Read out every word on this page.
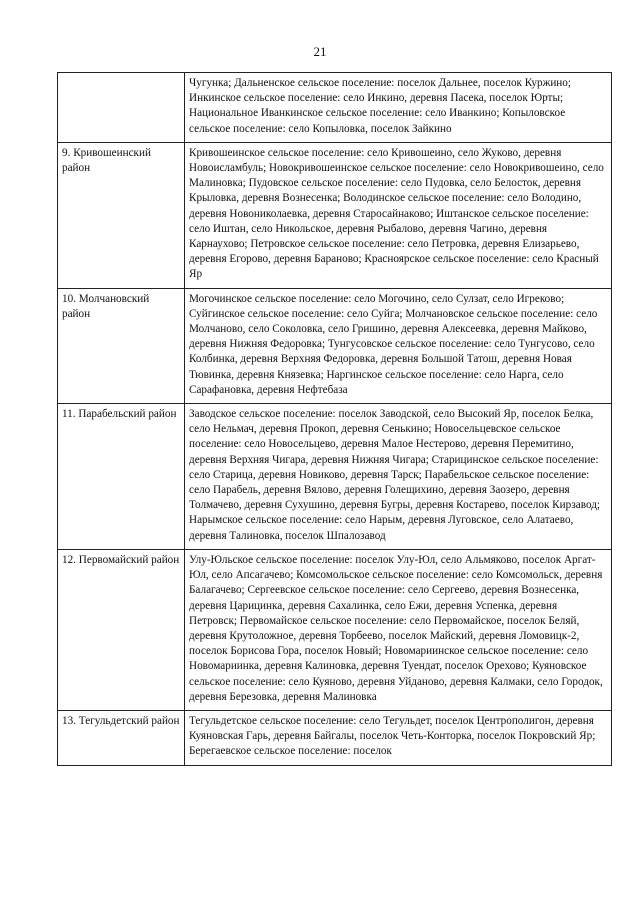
21
	Чугунка; Дальненское сельское поселение: поселок Дальнее, поселок Куржино; Инкинское сельское поселение: село Инкино, деревня Пасека, поселок Юрты; Национальное Иванкинское сельское поселение: село Иванкино; Копыловское сельское поселение: село Копыловка, поселок Зайкино
9. Кривошеинский район	Кривошеинское сельское поселение: село Кривошеино, село Жуково, деревня Новоисламбуль; Новокривошеинское сельское поселение: село Новокривошеино, село Малиновка; Пудовское сельское поселение: село Пудовка, село Белосток, деревня Крыловка, деревня Вознесенка; Володинское сельское поселение: село Володино, деревня Новониколаевка, деревня Старосайнаково; Иштанское сельское поселение: село Иштан, село Никольское, деревня Рыбалово, деревня Чагино, деревня Карнаухово; Петровское сельское поселение: село Петровка, деревня Елизарьево, деревня Егорово, деревня Бараново; Красноярское сельское поселение: село Красный Яр
10. Молчановский район	Могочинское сельское поселение: село Могочино, село Сулзат, село Игреково; Суйгинское сельское поселение: село Суйга; Молчановское сельское поселение: село Молчаново, село Соколовка, село Гришино, деревня Алексеевка, деревня Майково, деревня Нижняя Федоровка; Тунгусовское сельское поселение: село Тунгусово, село Колбинка, деревня Верхняя Федоровка, деревня Большой Татош, деревня Новая Тювинка, деревня Князевка; Наргинское сельское поселение: село Нарга, село Сарафановка, деревня Нефтебаза
11. Парабельский район	Заводское сельское поселение: поселок Заводской, село Высокий Яр, поселок Белка, село Нельмач, деревня Прокоп, деревня Сенькино; Новосельцевское сельское поселение: село Новосельцево, деревня Малое Нестерово, деревня Перемитино, деревня Верхняя Чигара, деревня Нижняя Чигара; Старицинское сельское поселение: село Старица, деревня Новиково, деревня Тарск; Парабельское сельское поселение: село Парабель, деревня Вялово, деревня Голещихино, деревня Заозеро, деревня Толмачево, деревня Сухушино, деревня Бугры, деревня Костарево, поселок Кирзавод; Нарымское сельское поселение: село Нарым, деревня Луговское, село Алатаево, деревня Талиновка, поселок Шпалозавод
12. Первомайский район	Улу-Юльское сельское поселение: поселок Улу-Юл, село Альмяково, поселок Аргат-Юл, село Апсагачево; Комсомольское сельское поселение: село Комсомольск, деревня Балагачево; Сергеевское сельское поселение: село Сергеево, деревня Вознесенка, деревня Царицинка, деревня Сахалинка, село Ежи, деревня Успенка, деревня Петровск; Первомайское сельское поселение: село Первомайское, поселок Беляй, деревня Крутоложное, деревня Торбеево, поселок Майский, деревня Ломовицк-2, поселок Борисова Гора, поселок Новый; Новомариинское сельское поселение: село Новомариинка, деревня Калиновка, деревня Туендат, поселок Орехово; Куяновское сельское поселение: село Куяново, деревня Уйданово, деревня Калмаки, село Городок, деревня Березовка, деревня Малиновка
13. Тегульдетский район	Тегульдетское сельское поселение: село Тегульдет, поселок Центрополигон, деревня Куяновская Гарь, деревня Байгалы, поселок Четь-Конторка, поселок Покровский Яр; Берегаевское сельское поселение: поселок
